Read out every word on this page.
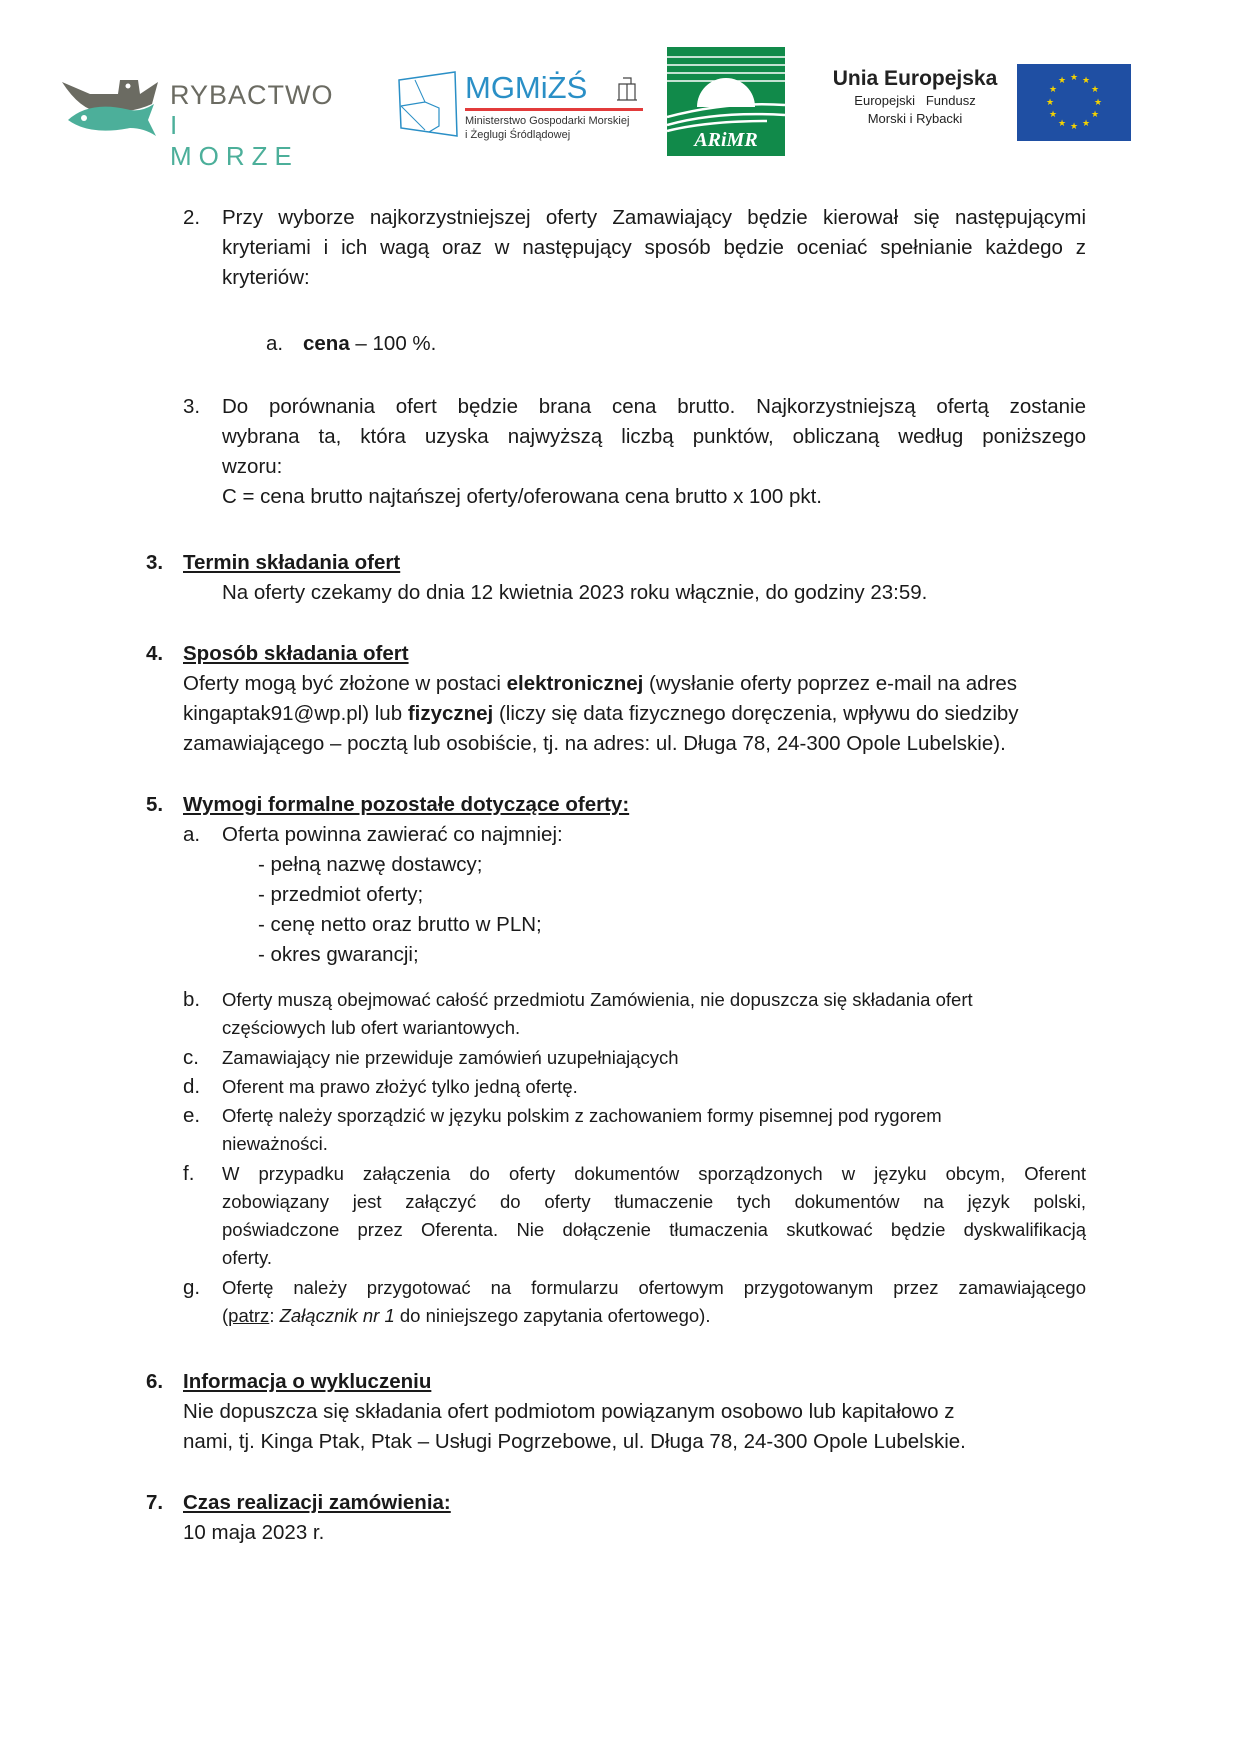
RYBACTWO
I MORZE
MGMiŻŚ
Ministerstwo Gospodarki Morskiej
i Żeglugi Śródlądowej	ARiMR
Unia Europejska
Europejski   Fundusz
Morski i Rybacki
★ ★
★
★
★
★
★
★
★
★
★
★
2. Przy wyborze najkorzystniejszej oferty Zamawiający będzie kierował się następującymi
kryteriami i ich wagą oraz w następujący sposób będzie oceniać spełnianie każdego z
kryteriów:
a. cena – 100 %.
3. Do porównania ofert będzie brana cena brutto. Najkorzystniejszą ofertą zostanie
wybrana ta, która uzyska najwyższą liczbą punktów, obliczaną według poniższego
wzoru:
C = cena brutto najtańszej oferty/oferowana cena brutto x 100 pkt.
3. Termin składania ofert
Na oferty czekamy do dnia 12 kwietnia 2023 roku włącznie, do godziny 23:59.
4. Sposób składania ofert
Oferty mogą być złożone w postaci elektronicznej (wysłanie oferty poprzez e-mail na adres
kingaptak91@wp.pl) lub fizycznej (liczy się data fizycznego doręczenia, wpływu do siedziby
zamawiającego – pocztą lub osobiście, tj. na adres: ul. Długa 78, 24-300 Opole Lubelskie).
5. Wymogi formalne pozostałe dotyczące oferty:
a. Oferta powinna zawierać co najmniej:
- pełną nazwę dostawcy;
- przedmiot oferty;
- cenę netto oraz brutto w PLN;
- okres gwarancji;
b. Oferty muszą obejmować całość przedmiotu Zamówienia, nie dopuszcza się składania ofert
częściowych lub ofert wariantowych.
c. Zamawiający nie przewiduje zamówień uzupełniających
d. Oferent ma prawo złożyć tylko jedną ofertę.
e. Ofertę należy sporządzić w języku polskim z zachowaniem formy pisemnej pod rygorem
nieważności.
f. W przypadku załączenia do oferty dokumentów sporządzonych w języku obcym, Oferent
zobowiązany jest załączyć do oferty tłumaczenie tych dokumentów na język polski,
poświadczone przez Oferenta. Nie dołączenie tłumaczenia skutkować będzie dyskwalifikacją
oferty.
g. Ofertę należy przygotować na formularzu ofertowym przygotowanym przez zamawiającego
(patrz: Załącznik nr 1 do niniejszego zapytania ofertowego).
6. Informacja o wykluczeniu
Nie dopuszcza się składania ofert podmiotom powiązanym osobowo lub kapitałowo z
nami, tj. Kinga Ptak, Ptak – Usługi Pogrzebowe, ul. Długa 78, 24-300 Opole Lubelskie.
7. Czas realizacji zamówienia:
10 maja 2023 r.
